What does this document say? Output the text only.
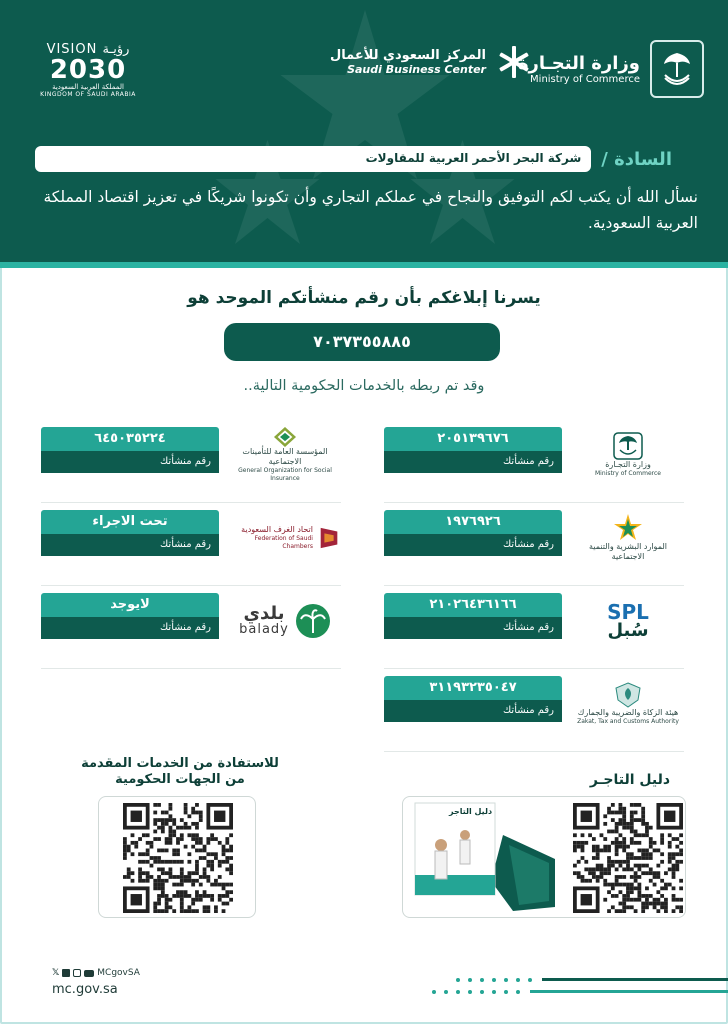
وزارة التجـارة
Ministry of Commerce
المركز السعودي للأعمال
Saudi Business Center
VISION رؤيـة
2030
المملكة العربية السعودية
KINGDOM OF SAUDI ARABIA
السادة /
شركة البحر الأحمر العربية للمقاولات
نسأل الله أن يكتب لكم التوفيق والنجاح في عملكم التجاري وأن تكونوا شريكًا في تعزيز اقتصاد المملكة العربية السعودية.
يسرنا إبلاغكم بأن رقم منشأتكم الموحد هو
٧٠٣٧٣٥٥٨٨٥
وقد تم ربطه بالخدمات الحكومية التالية..
٢٠٥١٣٩٦٧٦
رقم منشأتك	وزارة التجـارة
Ministry of Commerce
١٩٧٦٩٢٦
رقم منشأتك	الموارد البشرية والتنمية الاجتماعية
٢١٠٢٦٤٣٦١٦٦
رقم منشأتك
SPL
سُبل
٣١١٩٣٢٣٥٠٤٧
رقم منشأتك	هيئة الزكاة والضريبة والجمارك
Zakat, Tax and Customs Authority
٦٤٥٠٣٥٢٢٤
رقم منشأتك
المؤسسة العامة للتأمينات الاجتماعية
General Organization for Social Insurance
تحت الاجراء
رقم منشأتك
اتحاد الغرف السعودية
Federation of Saudi Chambers
لايوجد
رقم منشأتك
بلدي
balady
للاستفادة من الخدمات المقدمة
من الجهات الحكومية	دليل التاجـر
دليل التاجر
𝕏	MCgovSA
mc.gov.sa
